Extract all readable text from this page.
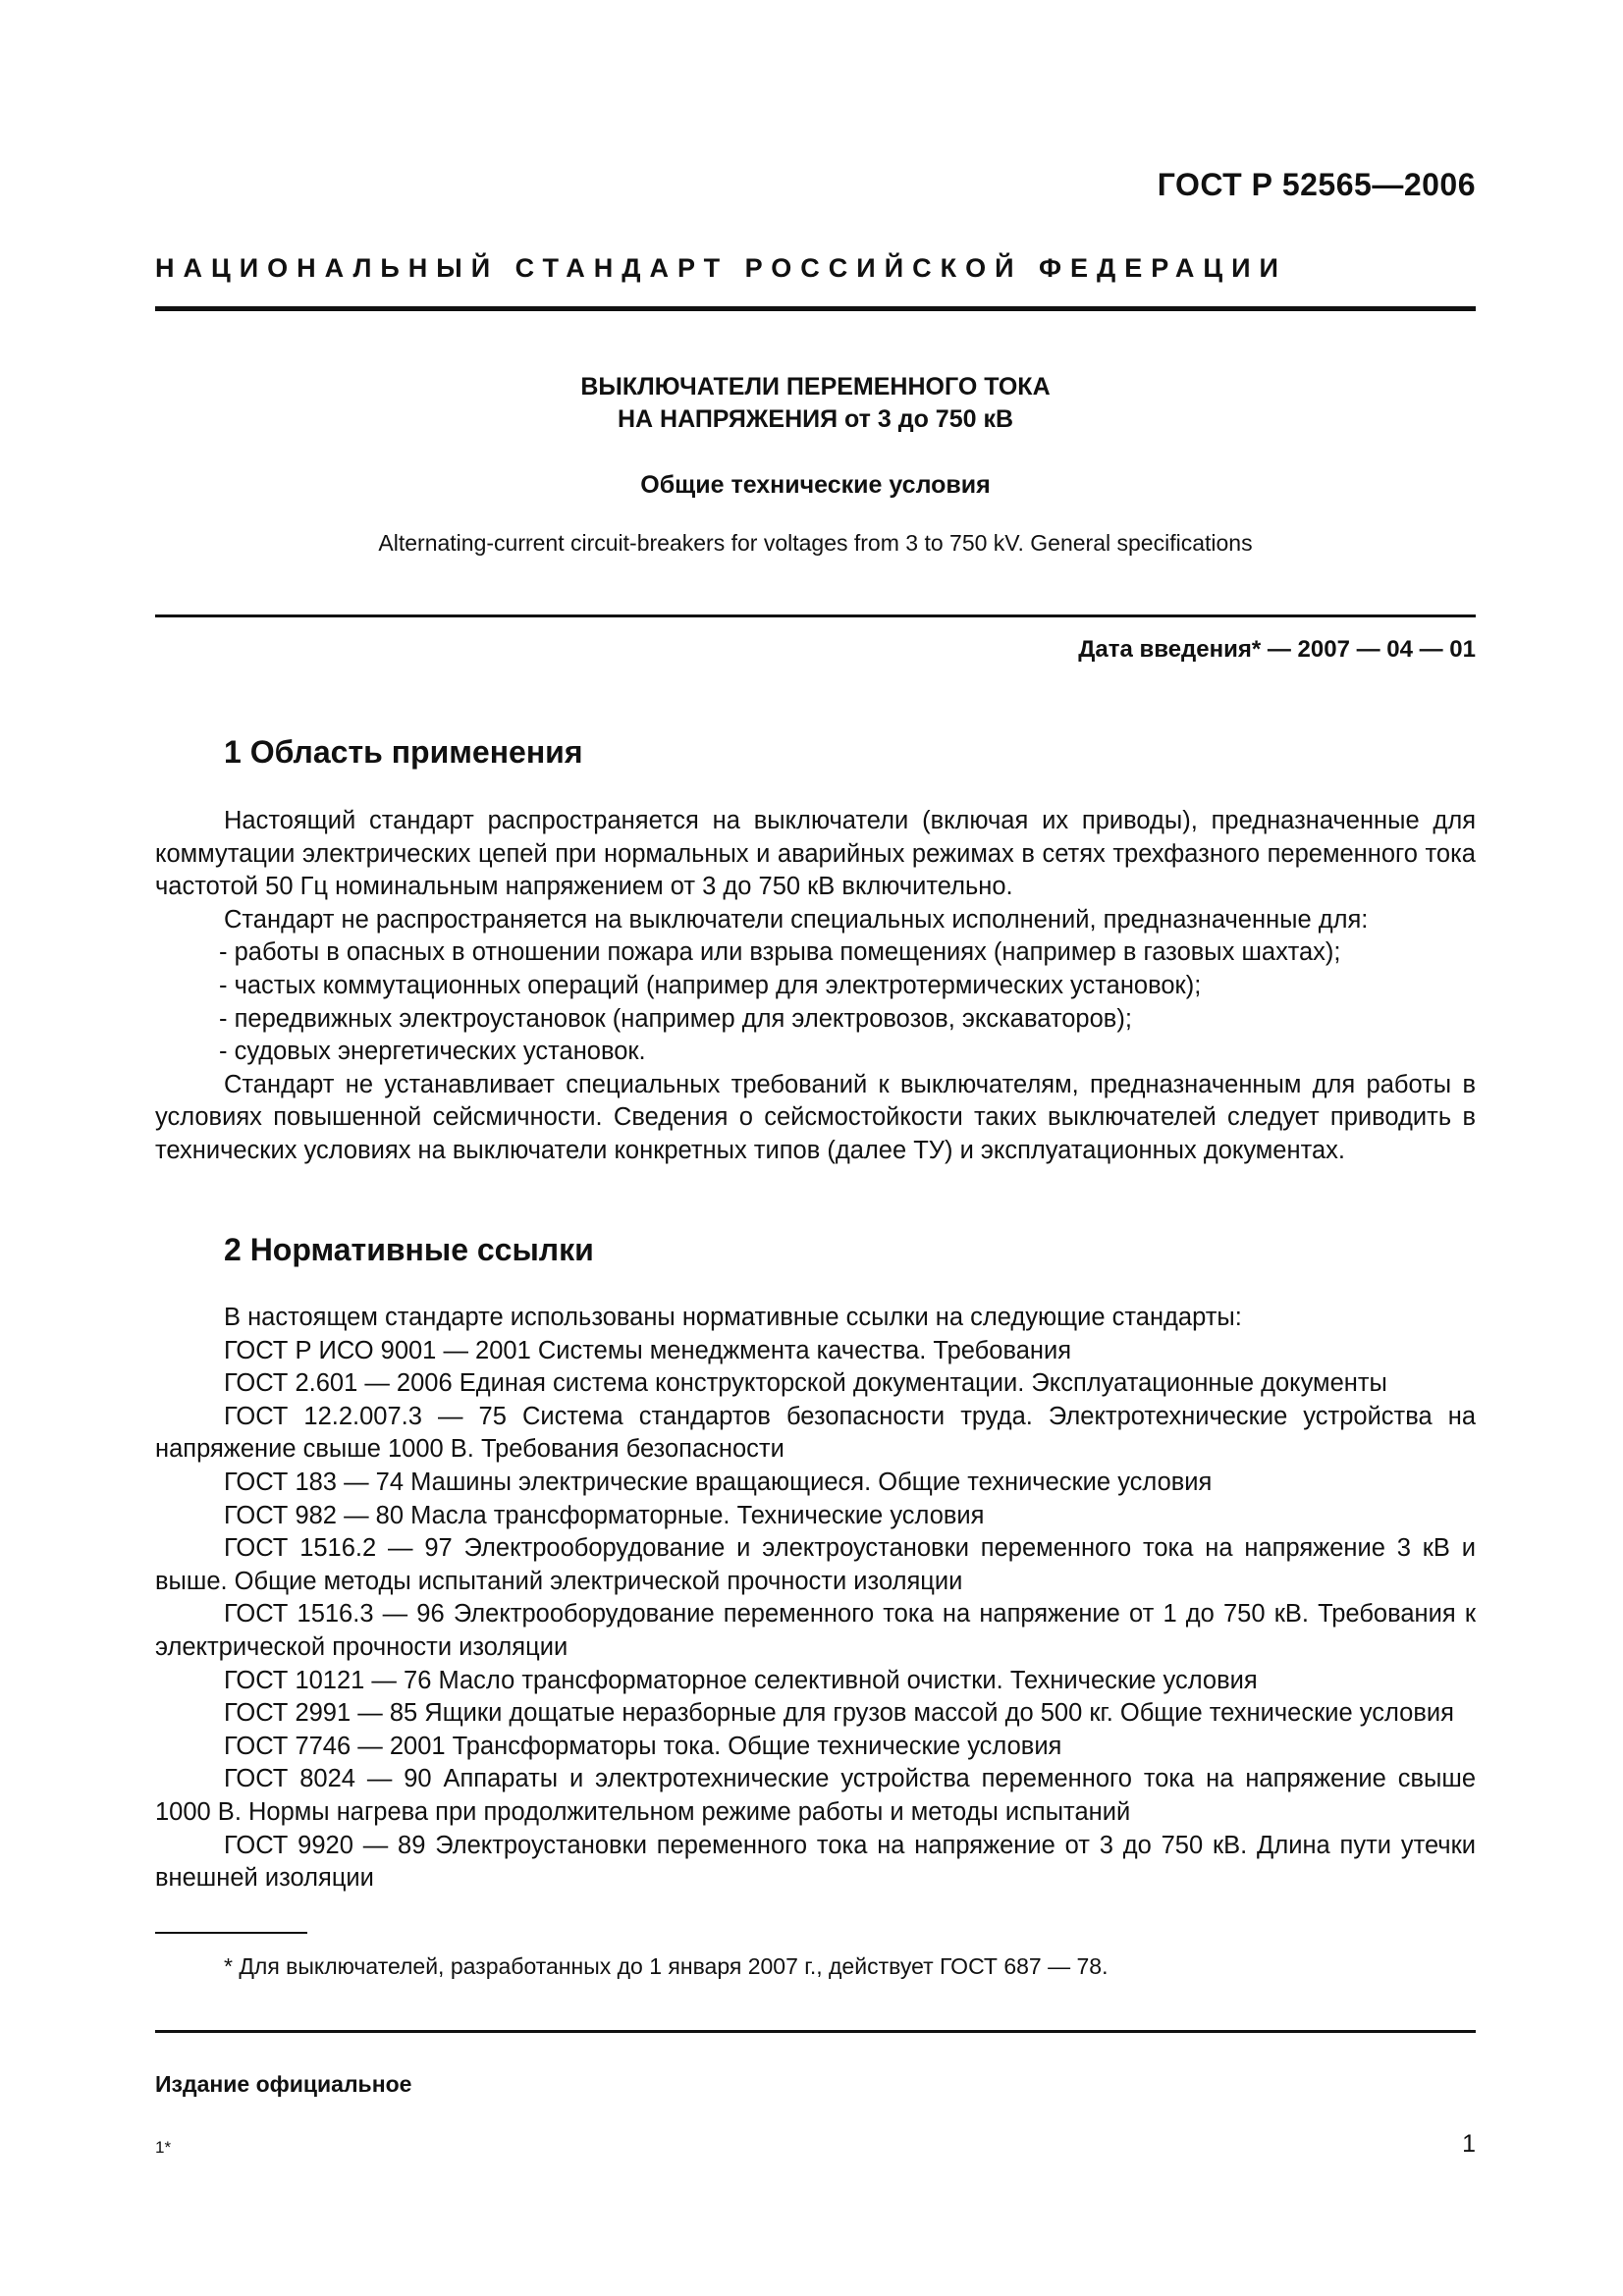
ГОСТ Р 52565—2006
НАЦИОНАЛЬНЫЙ СТАНДАРТ РОССИЙСКОЙ ФЕДЕРАЦИИ
ВЫКЛЮЧАТЕЛИ ПЕРЕМЕННОГО ТОКА
НА НАПРЯЖЕНИЯ от 3 до 750 кВ
Общие технические условия
Alternating-current circuit-breakers for voltages from 3 to 750 kV. General specifications
Дата введения* — 2007 — 04 — 01
1 Область применения

Настоящий стандарт распространяется на выключатели (включая их приводы), предназначенные для коммутации электрических цепей при нормальных и аварийных режимах в сетях трехфазного переменного тока частотой 50 Гц номинальным напряжением от 3 до 750 кВ включительно.

Стандарт не распространяется на выключатели специальных исполнений, предназначенные для:

- работы в опасных в отношении пожара или взрыва помещениях (например в газовых шахтах);

- частых коммутационных операций (например для электротермических установок);

- передвижных электроустановок (например для электровозов, экскаваторов);

- судовых энергетических установок.

Стандарт не устанавливает специальных требований к выключателям, предназначенным для работы в условиях повышенной сейсмичности. Сведения о сейсмостойкости таких выключателей следует приводить в технических условиях на выключатели конкретных типов (далее ТУ) и эксплуатационных документах.

2 Нормативные ссылки

В настоящем стандарте использованы нормативные ссылки на следующие стандарты:

ГОСТ Р ИСО 9001 — 2001 Системы менеджмента качества. Требования

ГОСТ 2.601 — 2006 Единая система конструкторской документации. Эксплуатационные документы

ГОСТ 12.2.007.3 — 75 Система стандартов безопасности труда. Электротехнические устройства на напряжение свыше 1000 В. Требования безопасности

ГОСТ 183 — 74 Машины электрические вращающиеся. Общие технические условия

ГОСТ 982 — 80 Масла трансформаторные. Технические условия

ГОСТ 1516.2 — 97 Электрооборудование и электроустановки переменного тока на напряжение 3 кВ и выше. Общие методы испытаний электрической прочности изоляции

ГОСТ 1516.3 — 96 Электрооборудование переменного тока на напряжение от 1 до 750 кВ. Требования к электрической прочности изоляции

ГОСТ 10121 — 76 Масло трансформаторное селективной очистки. Технические условия

ГОСТ 2991 — 85 Ящики дощатые неразборные для грузов массой до 500 кг. Общие технические условия

ГОСТ 7746 — 2001 Трансформаторы тока. Общие технические условия

ГОСТ 8024 — 90 Аппараты и электротехнические устройства переменного тока на напряжение свыше 1000 В. Нормы нагрева при продолжительном режиме работы и методы испытаний

ГОСТ 9920 — 89 Электроустановки переменного тока на напряжение от 3 до 750 кВ. Длина пути утечки внешней изоляции

* Для выключателей, разработанных до 1 января 2007 г., действует ГОСТ 687 — 78.
Издание официальное
1*	1
